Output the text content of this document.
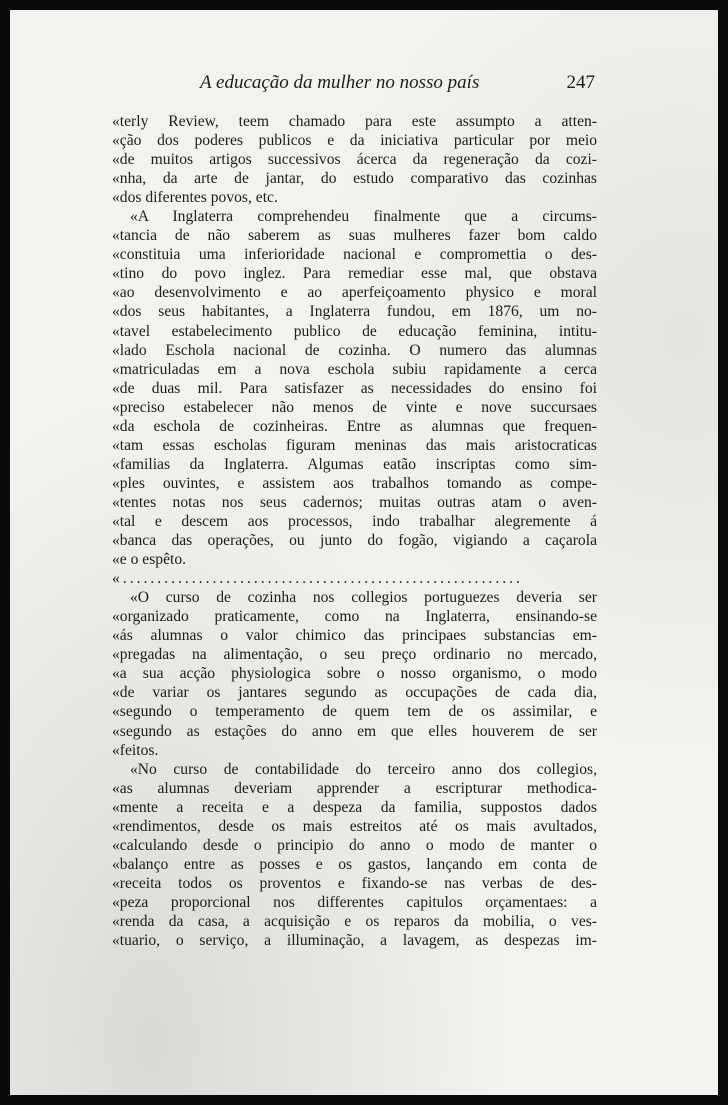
A educação da mulher no nosso país	247
«terly Review, teem chamado para este assumpto a atten-
«ção dos poderes publicos e da iniciativa particular por meio
«de muitos artigos successivos ácerca da regeneração da cozi-
«nha, da arte de jantar, do estudo comparativo das cozinhas
«dos diferentes povos, etc.
«A Inglaterra comprehendeu finalmente que a circums-
«tancia de não saberem as suas mulheres fazer bom caldo
«constituia uma inferioridade nacional e compromettia o des-
«tino do povo inglez. Para remediar esse mal, que obstava
«ao desenvolvimento e ao aperfeiçoamento physico e moral
«dos seus habitantes, a Inglaterra fundou, em 1876, um no-
«tavel estabelecimento publico de educação feminina, intitu-
«lado Eschola nacional de cozinha. O numero das alumnas
«matriculadas em a nova eschola subiu rapidamente a cerca
«de duas mil. Para satisfazer as necessidades do ensino foi
«preciso estabelecer não menos de vinte e nove succursaes
«da eschola de cozinheiras. Entre as alumnas que frequen-
«tam essas escholas figuram meninas das mais aristocraticas
«familias da Inglaterra. Algumas eatão inscriptas como sim-
«ples ouvintes, e assistem aos trabalhos tomando as compe-
«tentes notas nos seus cadernos; muitas outras atam o aven-
«tal e descem aos processos, indo trabalhar alegremente á
«banca das operações, ou junto do fogão, vigiando a caçarola
«e o espêto.
«..........................................................
«O curso de cozinha nos collegios portuguezes deveria ser
«organizado praticamente, como na Inglaterra, ensinando-se
«ás alumnas o valor chimico das principaes substancias em-
«pregadas na alimentação, o seu preço ordinario no mercado,
«a sua acção physiologica sobre o nosso organismo, o modo
«de variar os jantares segundo as occupações de cada dia,
«segundo o temperamento de quem tem de os assimilar, e
«segundo as estações do anno em que elles houverem de ser
«feitos.
«No curso de contabilidade do terceiro anno dos collegios,
«as alumnas deveriam apprender a escripturar methodica-
«mente a receita e a despeza da familia, suppostos dados
«rendimentos, desde os mais estreitos até os mais avultados,
«calculando desde o principio do anno o modo de manter o
«balanço entre as posses e os gastos, lançando em conta de
«receita todos os proventos e fixando-se nas verbas de des-
«peza proporcional nos differentes capitulos orçamentaes: a
«renda da casa, a acquisição e os reparos da mobilia, o ves-
«tuario, o serviço, a illuminação, a lavagem, as despezas im-
